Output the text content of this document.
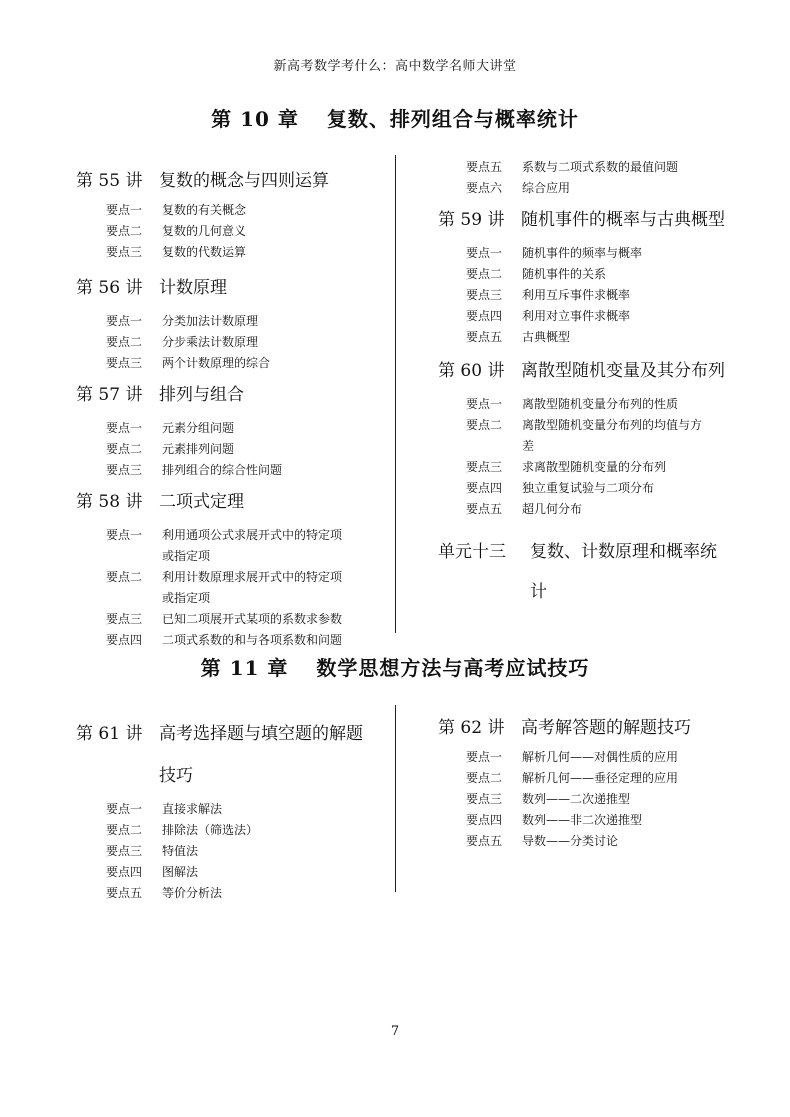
新高考数学考什么：高中数学名师大讲堂
第 10 章 复数、排列组合与概率统计
第 55 讲 复数的概念与四则运算
要点一 复数的有关概念
要点二 复数的几何意义
要点三 复数的代数运算
第 56 讲 计数原理
要点一 分类加法计数原理
要点二 分步乘法计数原理
要点三 两个计数原理的综合
第 57 讲 排列与组合
要点一 元素分组问题
要点二 元素排列问题
要点三 排列组合的综合性问题
第 58 讲 二项式定理
要点一 利用通项公式求展开式中的特定项
或指定项
要点二 利用计数原理求展开式中的特定项
或指定项
要点三 已知二项展开式某项的系数求参数
要点四 二项式系数的和与各项系数和问题
要点五 系数与二项式系数的最值问题
要点六 综合应用
第 59 讲 随机事件的概率与古典概型
要点一 随机事件的频率与概率
要点二 随机事件的关系
要点三 利用互斥事件求概率
要点四 利用对立事件求概率
要点五 古典概型
第 60 讲 离散型随机变量及其分布列
要点一 离散型随机变量分布列的性质
要点二 离散型随机变量分布列的均值与方
差
要点三 求离散型随机变量的分布列
要点四 独立重复试验与二项分布
要点五 超几何分布
单元十三 复数、计数原理和概率统
计
第 11 章 数学思想方法与高考应试技巧
第 61 讲 高考选择题与填空题的解题
技巧
要点一 直接求解法
要点二 排除法（筛选法）
要点三 特值法
要点四 图解法
要点五 等价分析法
第 62 讲 高考解答题的解题技巧
要点一 解析几何——对偶性质的应用
要点二 解析几何——垂径定理的应用
要点三 数列——二次递推型
要点四 数列——非二次递推型
要点五 导数——分类讨论
7
